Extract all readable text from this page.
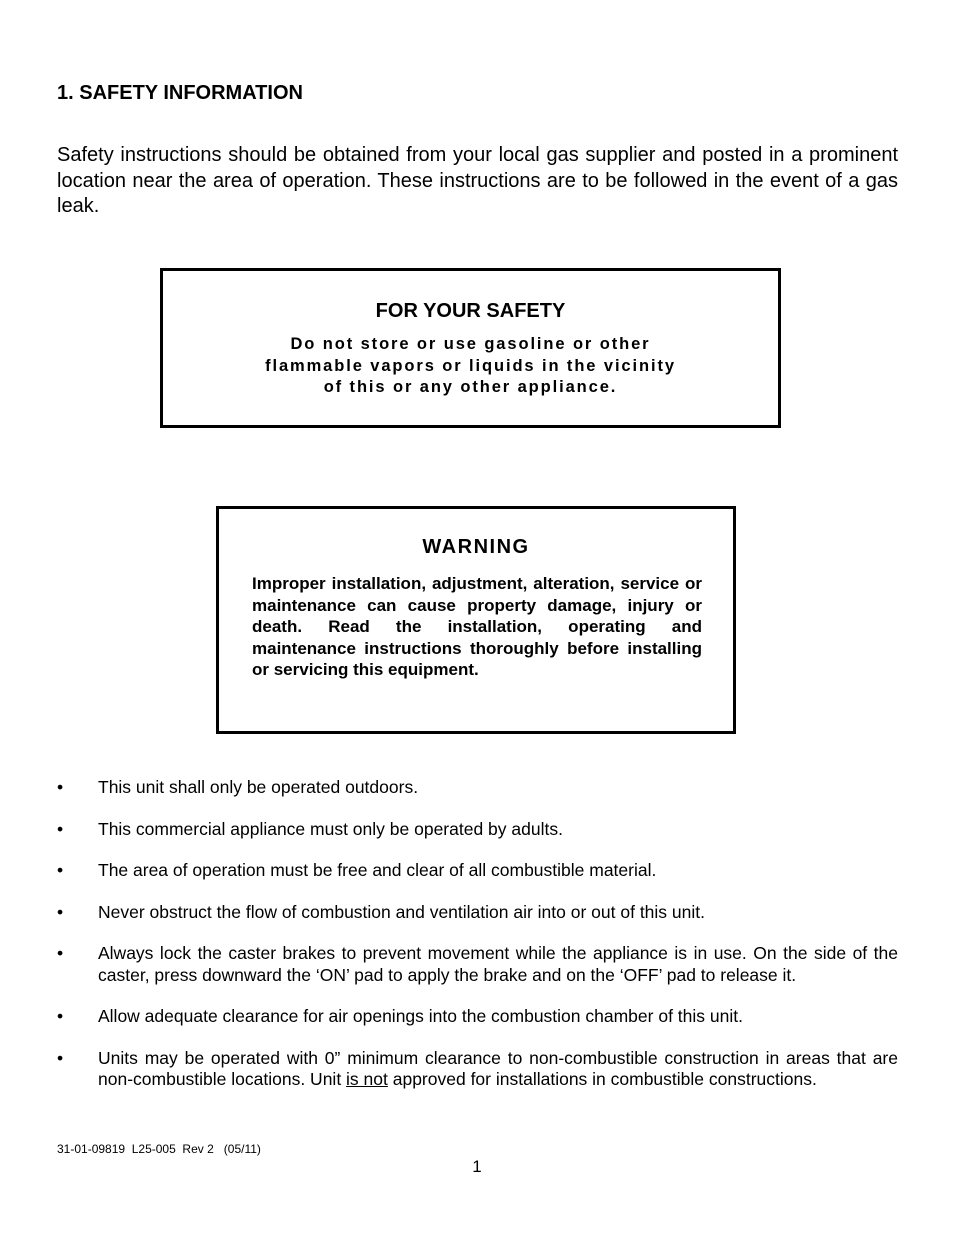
1. SAFETY INFORMATION

Safety instructions should be obtained from your local gas supplier and posted in a prominent location near the area of operation. These instructions are to be followed in the event of a gas leak.

FOR YOUR SAFETY

Do not store or use gasoline or other
flammable vapors or liquids in the vicinity
of this or any other appliance.

WARNING

Improper installation, adjustment, alteration, service or maintenance can cause property damage, injury or death. Read the installation, operating and maintenance instructions thoroughly before installing or servicing this equipment.

•	This unit shall only be operated outdoors.
•	This commercial appliance must only be operated by adults.
•	The area of operation must be free and clear of all combustible material.
•	Never obstruct the flow of combustion and ventilation air into or out of this unit.
•	Always lock the caster brakes to prevent movement while the appliance is in use. On the side of the caster, press downward the ‘ON’ pad to apply the brake and on the ‘OFF’ pad to release it.
•	Allow adequate clearance for air openings into the combustion chamber of this unit.
•	Units may be operated with 0” minimum clearance to non-combustible construction in areas that are non-combustible locations. Unit is not approved for installations in combustible constructions.

31-01-09819  L25-005  Rev 2   (05/11)

1
